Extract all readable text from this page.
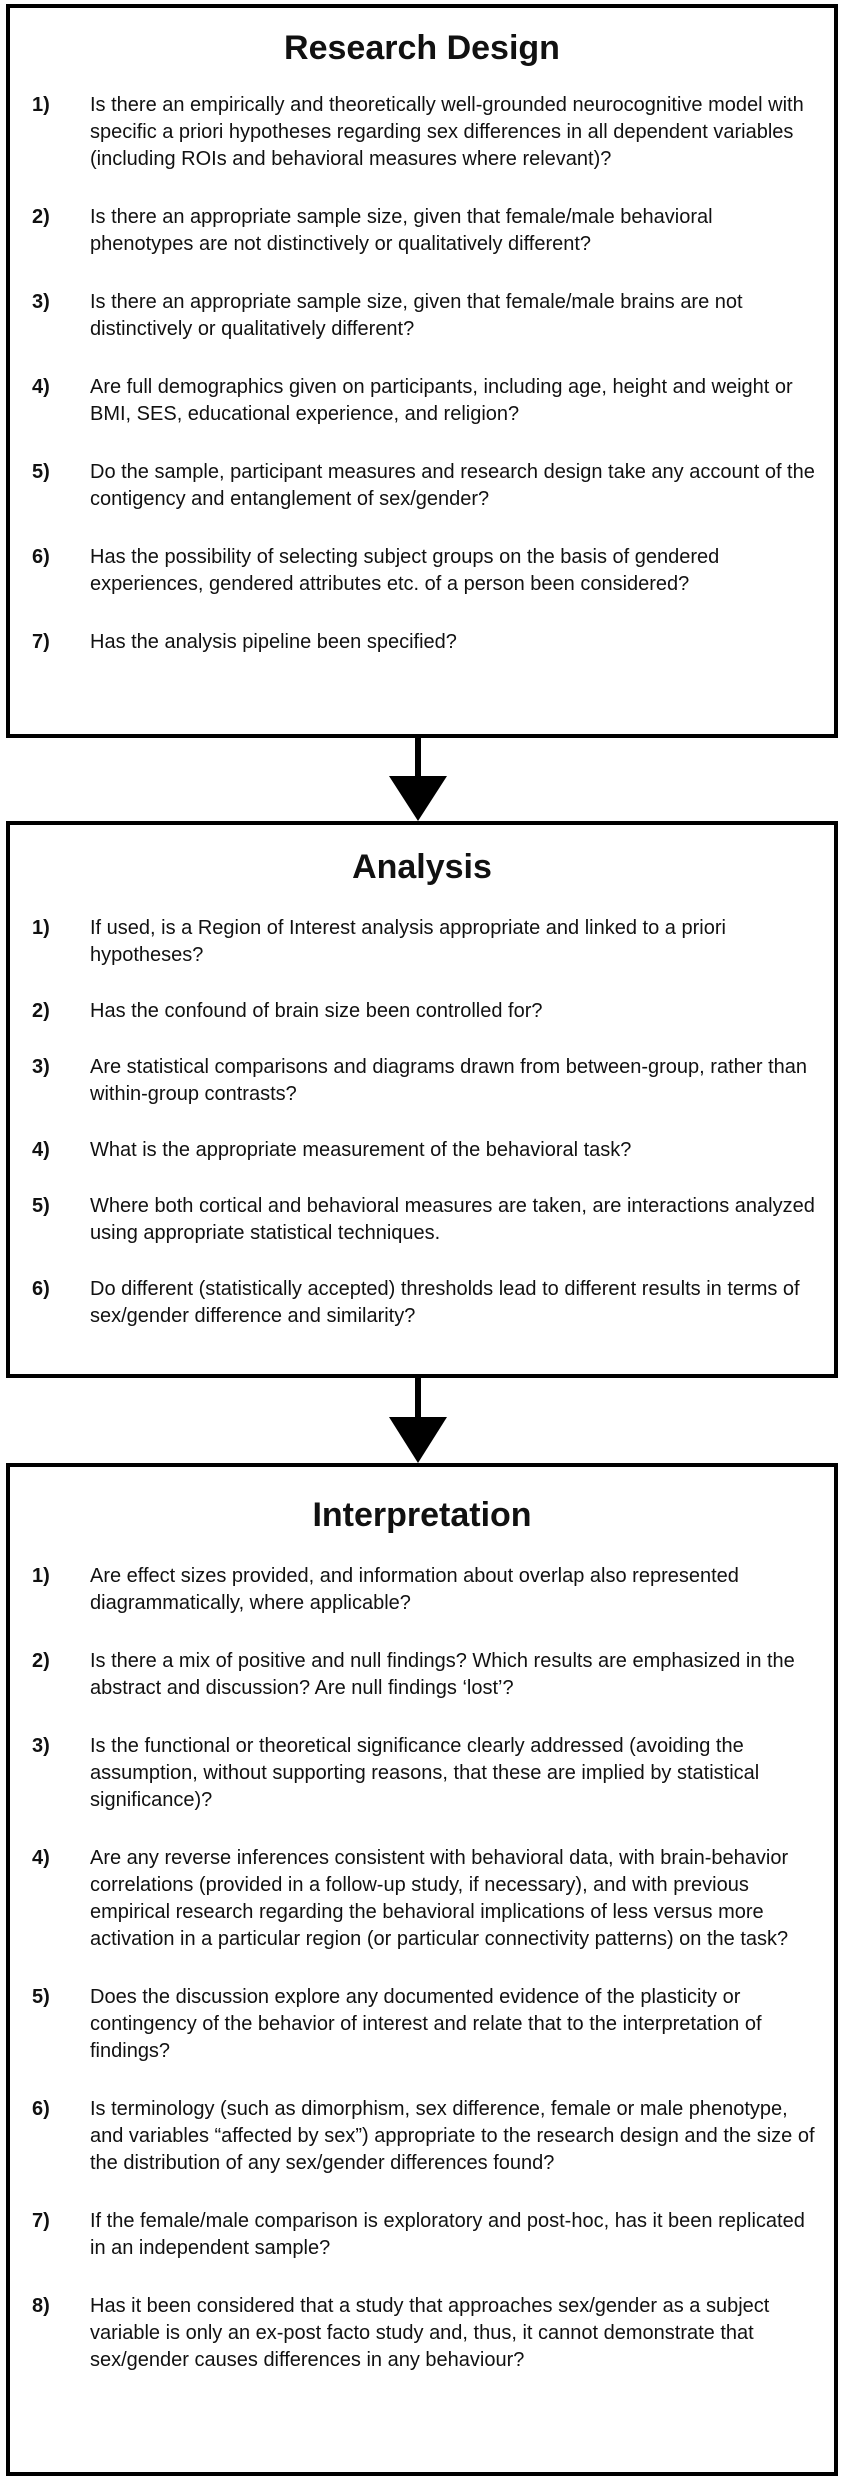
Research Design
1)	Is there an empirically and theoretically well-grounded neurocognitive model with specific a priori hypotheses regarding sex differences in all dependent variables (including ROIs and behavioral measures where relevant)?
2)	Is there an appropriate sample size, given that female/male behavioral phenotypes are not distinctively or qualitatively different?
3)	Is there an appropriate sample size, given that female/male brains are not distinctively or qualitatively different?
4)	Are full demographics given on participants, including age, height and weight or BMI, SES, educational experience, and religion?
5)	Do the sample, participant measures and research design take any account of the contigency and entanglement of sex/gender?
6)	Has the possibility of selecting subject groups on the basis of gendered experiences, gendered attributes etc. of a person been considered?
7)	Has the analysis pipeline been specified?
Analysis
1)	If used, is a Region of Interest analysis appropriate and linked to a priori hypotheses?
2)	Has the confound of brain size been controlled for?
3)	Are statistical comparisons and diagrams drawn from between-group, rather than within-group contrasts?
4)	What is the appropriate measurement of the behavioral task?
5)	Where both cortical and behavioral measures are taken, are interactions analyzed using appropriate statistical techniques.
6)	Do different (statistically accepted) thresholds lead to different results in terms of sex/gender difference and similarity?
Interpretation
1)	Are effect sizes provided, and information about overlap also represented diagrammatically, where applicable?
2)	Is there a mix of positive and null findings? Which results are emphasized in the abstract and discussion? Are null findings ‘lost’?
3)	Is the functional or theoretical significance clearly addressed (avoiding the assumption, without supporting reasons, that these are implied by statistical significance)?
4)	Are any reverse inferences consistent with behavioral data, with brain-behavior correlations (provided in a follow-up study, if necessary), and with previous empirical research regarding the behavioral implications of less versus more activation in a particular region (or particular connectivity patterns) on the task?
5)	Does the discussion explore any documented evidence of the plasticity or contingency of the behavior of interest and relate that to the interpretation of findings?
6)	Is terminology (such as dimorphism, sex difference, female or male phenotype, and variables “affected by sex”) appropriate to the research design and the size of the distribution of any sex/gender differences found?
7)	If the female/male comparison is exploratory and post-hoc, has it been replicated in an independent sample?
8)	Has it been considered that a study that approaches sex/gender as a subject variable is only an ex-post facto study and, thus, it cannot demonstrate that sex/gender causes differences in any behaviour?
